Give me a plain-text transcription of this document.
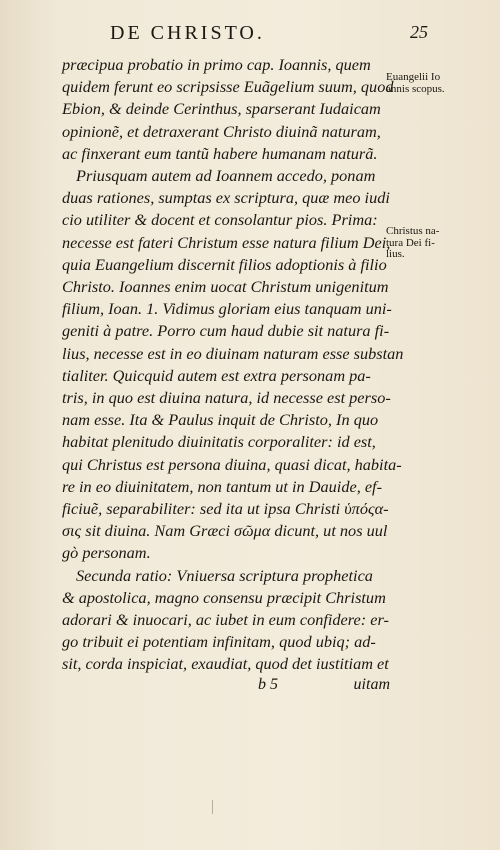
DE CHRISTO.	25
Euangelii Io
annis scopus.
Christus na-
tura Dei fi-
lius.
præcipua probatio in primo cap. Ioannis, quem
quidem ferunt eo scripsisse Euãgelium suum, quod
Ebion, & deinde Cerinthus, sparserant Iudaicam
opinionẽ, et detraxerant Christo diuinã naturam,
ac finxerant eum tantũ habere humanam naturã.
Priusquam autem ad Ioannem accedo, ponam
duas rationes, sumptas ex scriptura, quæ meo iudi
cio utiliter & docent et consolantur pios. Prima:
necesse est fateri Christum esse natura filium Dei,
quia Euangelium discernit filios adoptionis à filio
Christo. Ioannes enim uocat Christum unigenitum
filium, Ioan. 1. Vidimus gloriam eius tanquam uni-
geniti à patre. Porro cum haud dubie sit natura fi-
lius, necesse est in eo diuinam naturam esse substan
tialiter. Quicquid autem est extra personam pa-
tris, in quo est diuina natura, id necesse est perso-
nam esse. Ita & Paulus inquit de Christo, In quo
habitat plenitudo diuinitatis corporaliter: id est,
qui Christus est persona diuina, quasi dicat, habita-
re in eo diuinitatem, non tantum ut in Dauide, ef-
ficiuẽ, separabiliter: sed ita ut ipsa Christi ὑπόςα-
σις sit diuina. Nam Græci σῶμα dicunt, ut nos uul
gò personam.
Secunda ratio: Vniuersa scriptura prophetica
& apostolica, magno consensu præcipit Christum
adorari & inuocari, ac iubet in eum confidere: er-
go tribuit ei potentiam infinitam, quod ubiq; ad-
sit, corda inspiciat, exaudiat, quod det iustitiam et
b 5	uitam
